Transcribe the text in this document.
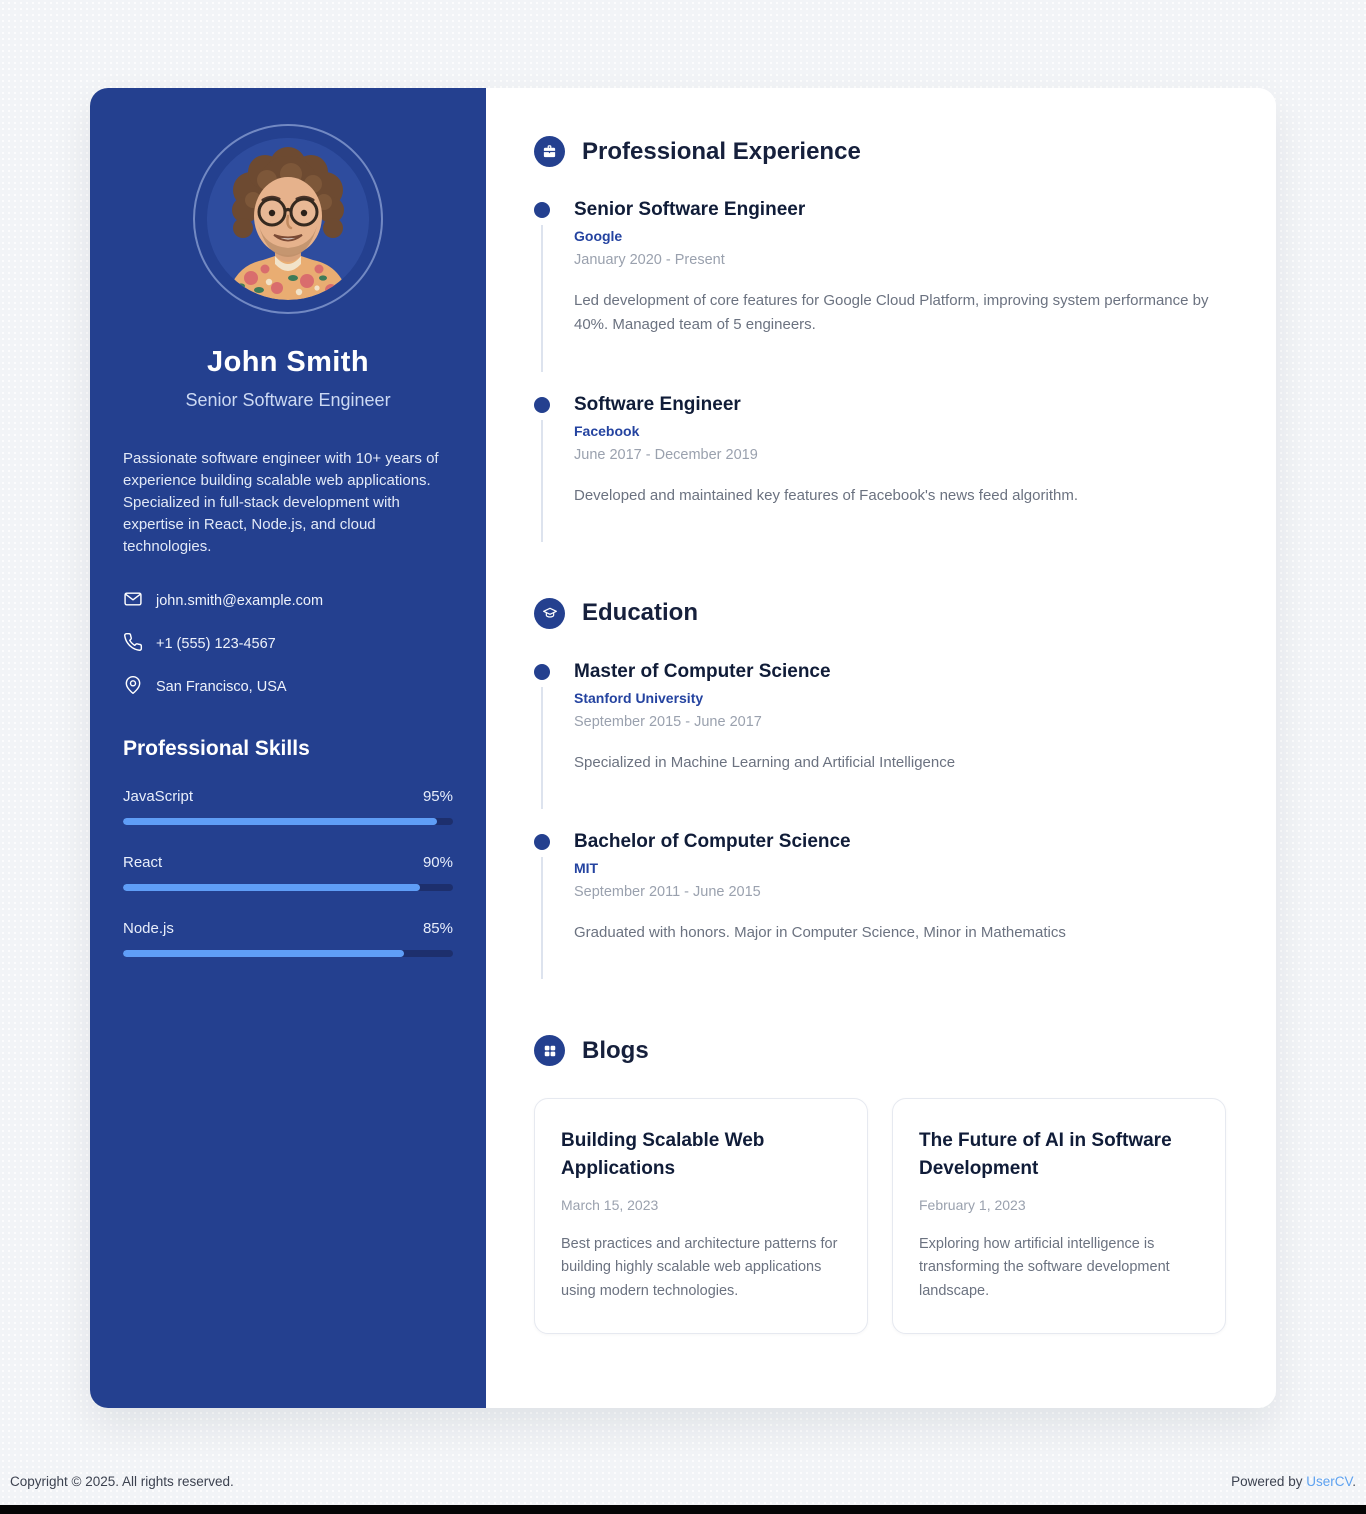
John Smith

Senior Software Engineer

Passionate software engineer with 10+ years of experience building scalable web applications. Specialized in full-stack development with expertise in React, Node.js, and cloud technologies.

john.smith@example.com
+1 (555) 123-4567
San Francisco, USA
Professional Skills
JavaScript	95%
React	90%
Node.js	85%
Professional Experience
Senior Software Engineer
Google
January 2020 - Present

Led development of core features for Google Cloud Platform, improving system performance by 40%. Managed team of 5 engineers.

Software Engineer
Facebook
June 2017 - December 2019

Developed and maintained key features of Facebook's news feed algorithm.

Education
Master of Computer Science
Stanford University
September 2015 - June 2017

Specialized in Machine Learning and Artificial Intelligence

Bachelor of Computer Science
MIT
September 2011 - June 2015

Graduated with honors. Major in Computer Science, Minor in Mathematics

Blogs
Building Scalable Web Applications
March 15, 2023

Best practices and architecture patterns for building highly scalable web applications using modern technologies.

The Future of AI in Software Development
February 1, 2023

Exploring how artificial intelligence is transforming the software development landscape.

Copyright © 2025. All rights reserved.	Powered by UserCV.
